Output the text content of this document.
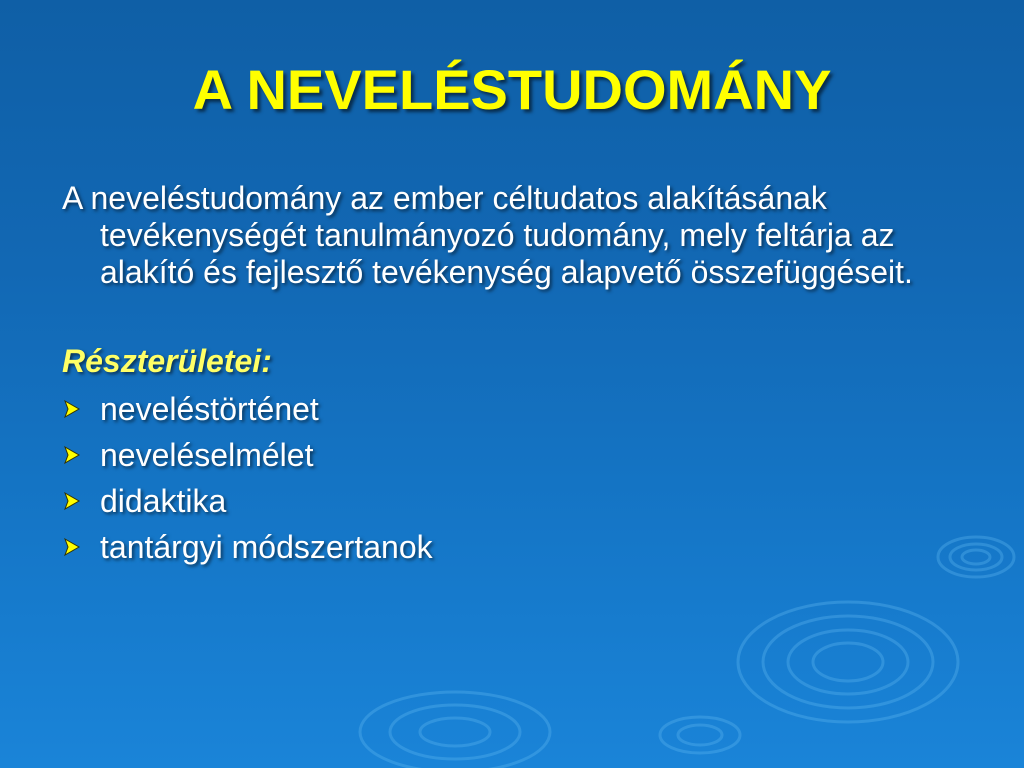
A NEVELÉSTUDOMÁNY

A neveléstudomány az ember céltudatos alakításának tevékenységét tanulmányozó tudomány, mely feltárja az alakító és fejlesztő tevékenység alapvető összefüggéseit.

Részterületei:
neveléstörténet
neveléselmélet
didaktika
tantárgyi módszertanok
